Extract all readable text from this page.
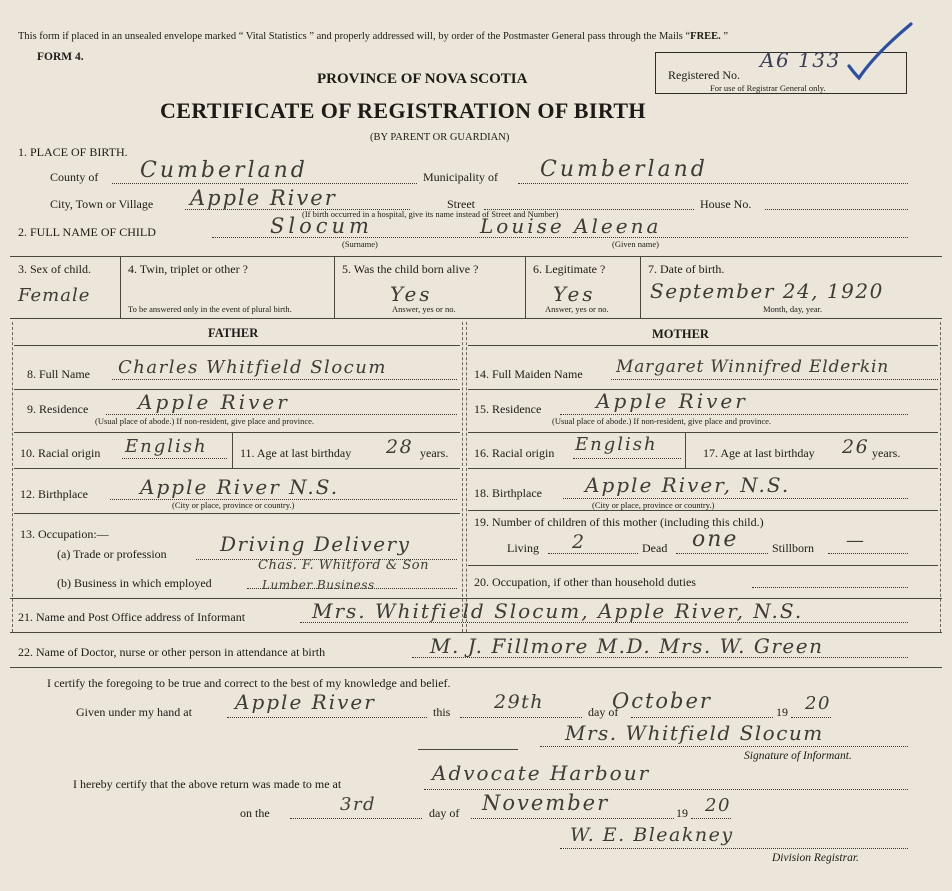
This form if placed in an unsealed envelope marked “ Vital Statistics ” and properly addressed will, by order of the Postmaster General pass through the Mails “FREE. ”
FORM 4.
PROVINCE OF NOVA SCOTIA
CERTIFICATE OF REGISTRATION OF BIRTH
(BY PARENT OR GUARDIAN)
Registered No.
A6 133
For use of Registrar General only.
1. PLACE OF BIRTH.
County of Cumberland	Municipality of Cumberland
City, Town or Village Apple River	Street	House No.
(If birth occurred in a hospital, give its name instead of Street and Number)
2. FULL NAME OF CHILD	Slocum	Louise Aleena
(Surname)	(Given name)
3. Sex of child.
Female
4. Twin, triplet or other ?
To be answered only in the event of plural birth.
5. Was the child born alive ?
Yes
Answer, yes or no.
6. Legitimate ?
Yes
Answer, yes or no.
7. Date of birth.
September 24, 1920
Month, day, year.
FATHER	MOTHER
8. Full Name Charles Whitfield Slocum
9. Residence Apple River
(Usual place of abode.) If non-resident, give place and province.
10. Racial origin English	11. Age at last birthday 28 years.
12. Birthplace	Apple River N.S.
(City or place, province or country.)
13. Occupation:—
(a) Trade or profession	Driving Delivery
(b) Business in which employed
Chas. F. Whitford & Son
Lumber Business
14. Full Maiden Name Margaret Winnifred Elderkin
15. Residence	Apple River
(Usual place of abode.) If non-resident, give place and province.
16. Racial origin English	17. Age at last birthday 26 years.
18. Birthplace Apple River, N.S.
(City or place, province or country.)
19. Number of children of this mother (including this child.)
Living 2	Dead one	Stillborn —
20. Occupation, if other than household duties
21. Name and Post Office address of Informant	Mrs. Whitfield Slocum, Apple River, N.S.
22. Name of Doctor, nurse or other person in attendance at birth	M. J. Fillmore M.D. Mrs. W. Green
I certify the foregoing to be true and correct to the best of my knowledge and belief.
Given under my hand at Apple River	this 29th	day of
October	19 20
Mrs. Whitfield Slocum
Signature of Informant.
I hereby certify that the above return was made to me at	Advocate Harbour
on the	3rd	day of November	19 20
W. E. Bleakney
Division Registrar.
